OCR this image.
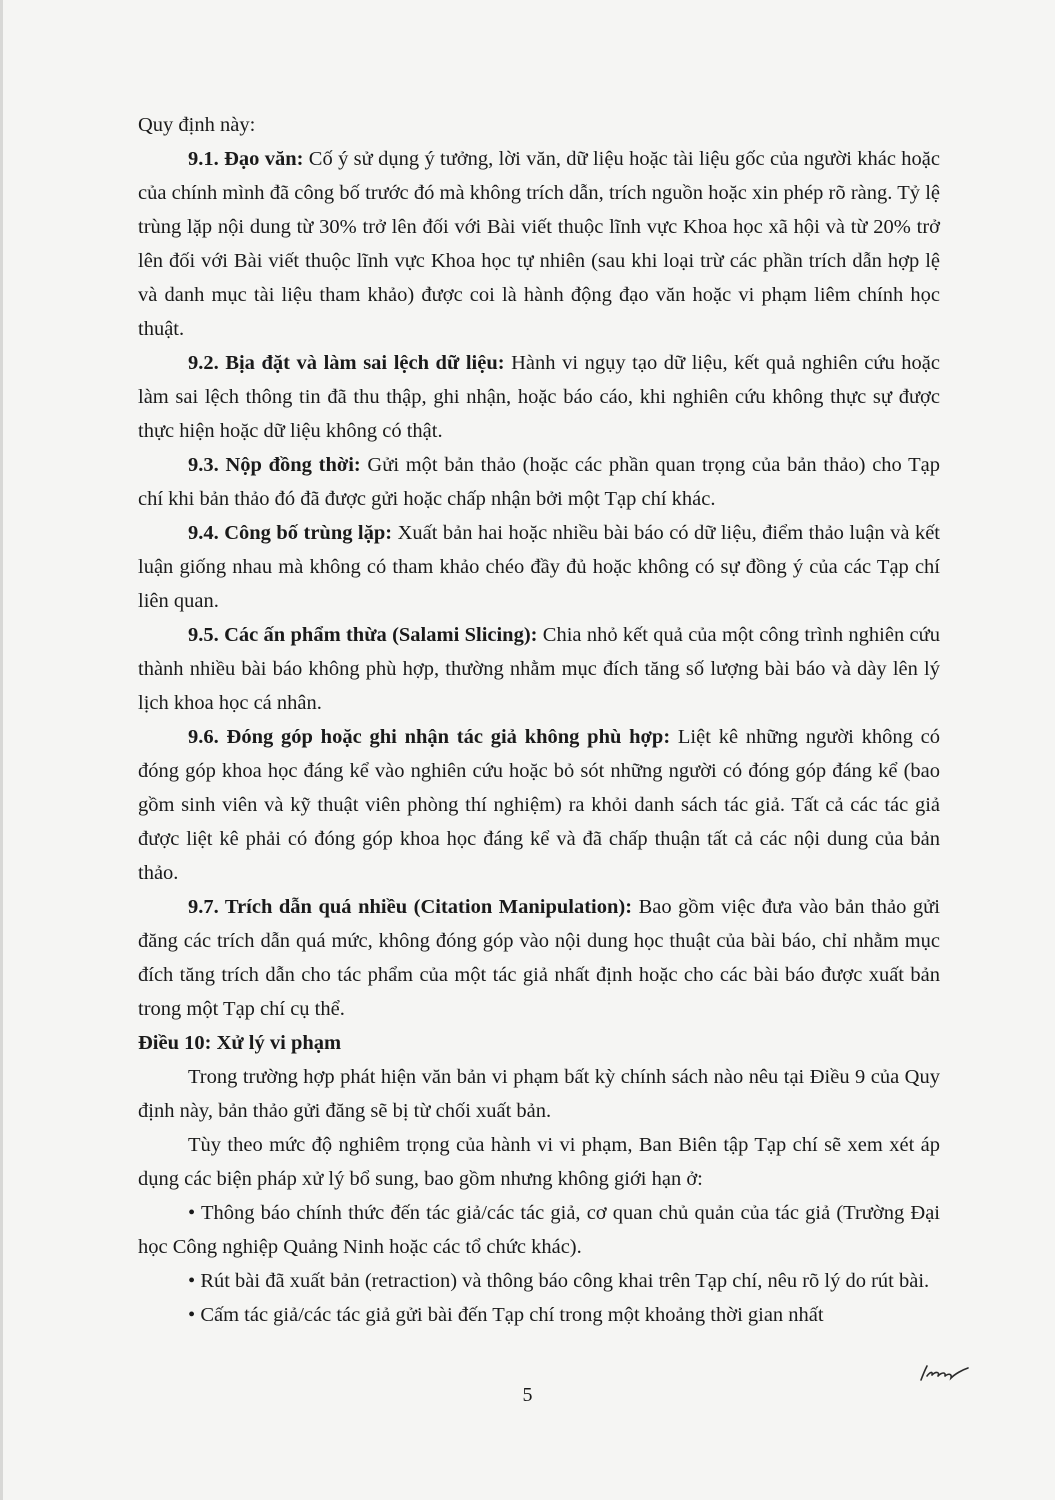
Quy định này:

9.1. Đạo văn: Cố ý sử dụng ý tưởng, lời văn, dữ liệu hoặc tài liệu gốc của người khác hoặc của chính mình đã công bố trước đó mà không trích dẫn, trích nguồn hoặc xin phép rõ ràng. Tỷ lệ trùng lặp nội dung từ 30% trở lên đối với Bài viết thuộc lĩnh vực Khoa học xã hội và từ 20% trở lên đối với Bài viết thuộc lĩnh vực Khoa học tự nhiên (sau khi loại trừ các phần trích dẫn hợp lệ và danh mục tài liệu tham khảo) được coi là hành động đạo văn hoặc vi phạm liêm chính học thuật.

9.2. Bịa đặt và làm sai lệch dữ liệu: Hành vi ngụy tạo dữ liệu, kết quả nghiên cứu hoặc làm sai lệch thông tin đã thu thập, ghi nhận, hoặc báo cáo, khi nghiên cứu không thực sự được thực hiện hoặc dữ liệu không có thật.

9.3. Nộp đồng thời: Gửi một bản thảo (hoặc các phần quan trọng của bản thảo) cho Tạp chí khi bản thảo đó đã được gửi hoặc chấp nhận bởi một Tạp chí khác.

9.4. Công bố trùng lặp: Xuất bản hai hoặc nhiều bài báo có dữ liệu, điểm thảo luận và kết luận giống nhau mà không có tham khảo chéo đầy đủ hoặc không có sự đồng ý của các Tạp chí liên quan.

9.5. Các ấn phẩm thừa (Salami Slicing): Chia nhỏ kết quả của một công trình nghiên cứu thành nhiều bài báo không phù hợp, thường nhằm mục đích tăng số lượng bài báo và dày lên lý lịch khoa học cá nhân.

9.6. Đóng góp hoặc ghi nhận tác giả không phù hợp: Liệt kê những người không có đóng góp khoa học đáng kể vào nghiên cứu hoặc bỏ sót những người có đóng góp đáng kể (bao gồm sinh viên và kỹ thuật viên phòng thí nghiệm) ra khỏi danh sách tác giả. Tất cả các tác giả được liệt kê phải có đóng góp khoa học đáng kể và đã chấp thuận tất cả các nội dung của bản thảo.

9.7. Trích dẫn quá nhiều (Citation Manipulation): Bao gồm việc đưa vào bản thảo gửi đăng các trích dẫn quá mức, không đóng góp vào nội dung học thuật của bài báo, chỉ nhằm mục đích tăng trích dẫn cho tác phẩm của một tác giả nhất định hoặc cho các bài báo được xuất bản trong một Tạp chí cụ thể.

Điều 10: Xử lý vi phạm

Trong trường hợp phát hiện văn bản vi phạm bất kỳ chính sách nào nêu tại Điều 9 của Quy định này, bản thảo gửi đăng sẽ bị từ chối xuất bản.

Tùy theo mức độ nghiêm trọng của hành vi vi phạm, Ban Biên tập Tạp chí sẽ xem xét áp dụng các biện pháp xử lý bổ sung, bao gồm nhưng không giới hạn ở:

• Thông báo chính thức đến tác giả/các tác giả, cơ quan chủ quản của tác giả (Trường Đại học Công nghiệp Quảng Ninh hoặc các tổ chức khác).

• Rút bài đã xuất bản (retraction) và thông báo công khai trên Tạp chí, nêu rõ lý do rút bài.

• Cấm tác giả/các tác giả gửi bài đến Tạp chí trong một khoảng thời gian nhất

5
